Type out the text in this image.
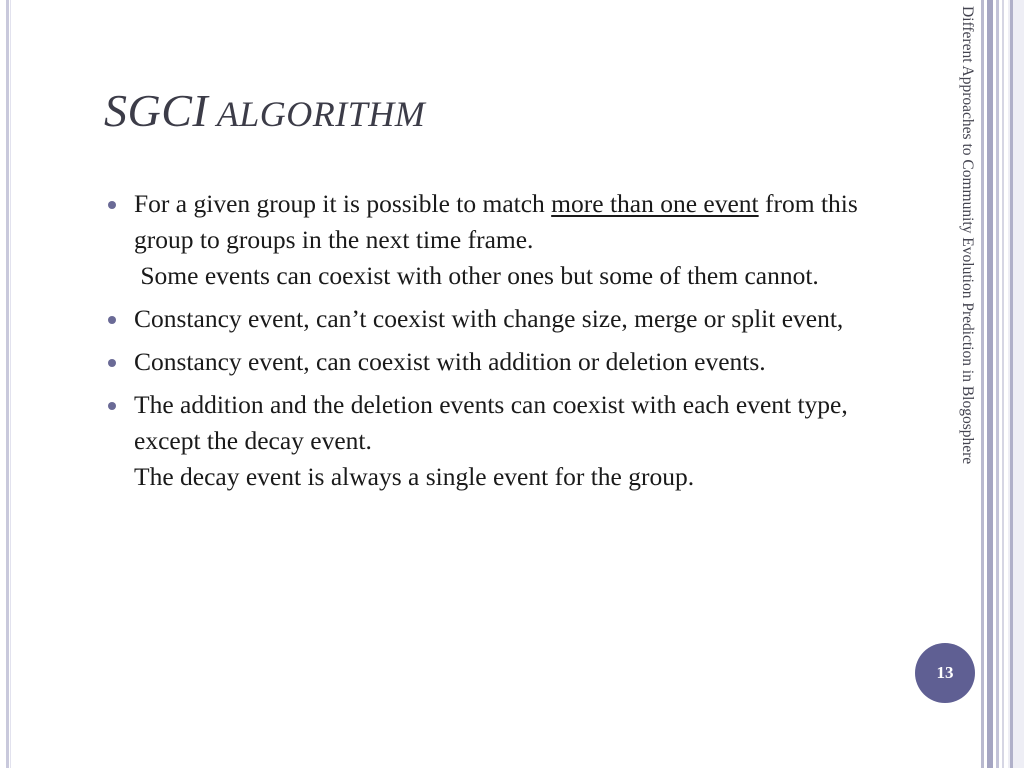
SGCI ALGORITHM
For a given group it is possible to match more than one event from this group to groups in the next time frame.
Some events can coexist with other ones but some of them cannot.
Constancy event, can’t coexist with change size, merge or split event,
Constancy event, can coexist with addition or deletion events.
The addition and the deletion events can coexist with each event type, except the decay event.
The decay event is always a single event for the group.
Different Approaches to Community Evolution Prediction in Blogosphere
13
